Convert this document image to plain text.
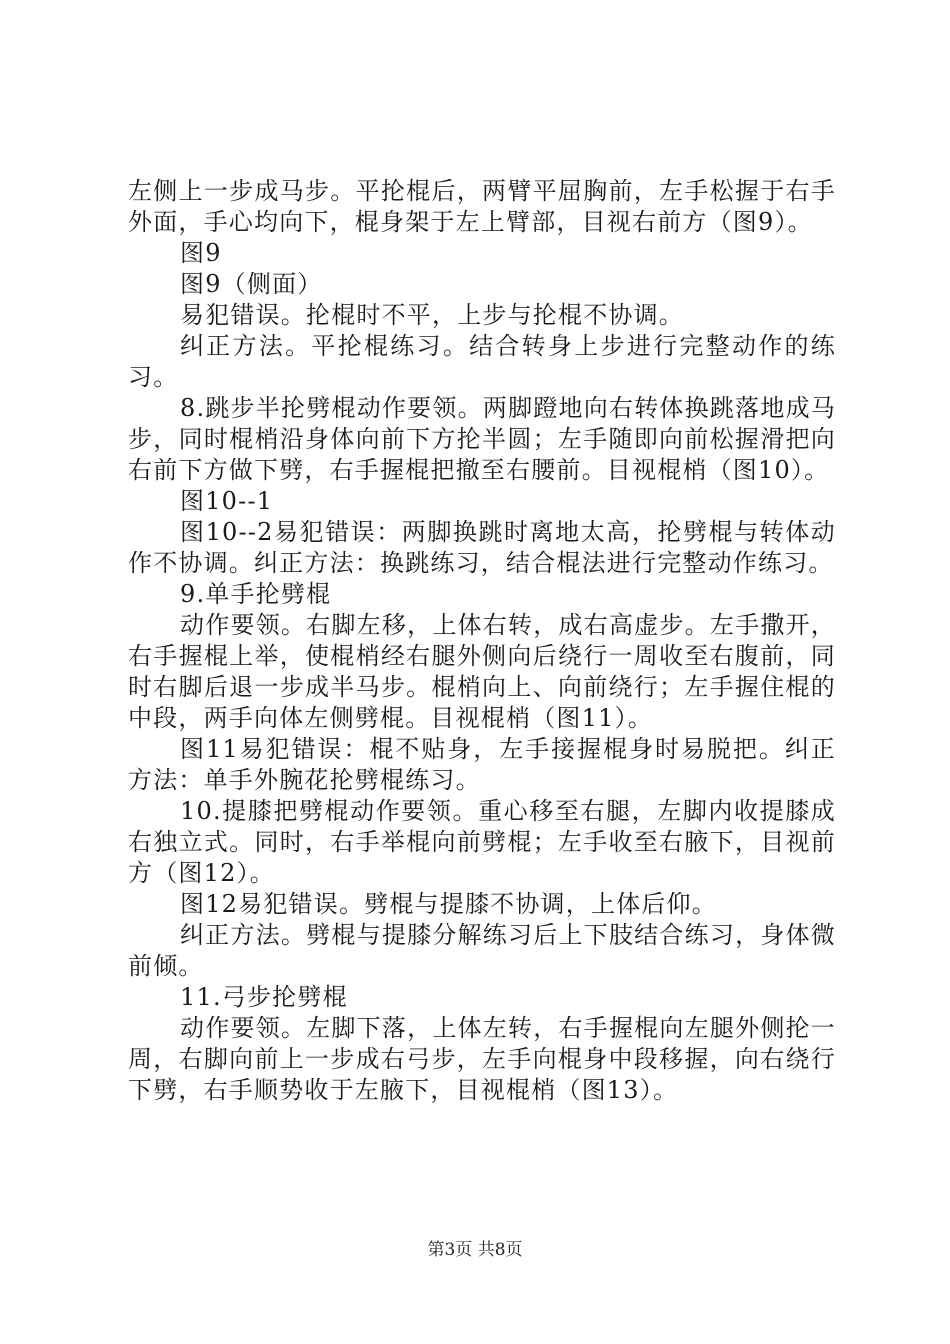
左侧上一步成马步。平抡棍后，两臂平屈胸前，左手松握于右手外面，手心均向下，棍身架于左上臂部，目视右前方（图9）。

图9

图9（侧面）

易犯错误。抡棍时不平，上步与抡棍不协调。

纠正方法。平抡棍练习。结合转身上步进行完整动作的练习。

8.跳步半抡劈棍动作要领。两脚蹬地向右转体换跳落地成马步，同时棍梢沿身体向前下方抡半圆；左手随即向前松握滑把向右前下方做下劈，右手握棍把撤至右腰前。目视棍梢（图10）。

图10--1

图10--2易犯错误：两脚换跳时离地太高，抡劈棍与转体动作不协调。纠正方法：换跳练习，结合棍法进行完整动作练习。

9.单手抡劈棍

动作要领。右脚左移，上体右转，成右高虚步。左手撒开，右手握棍上举，使棍梢经右腿外侧向后绕行一周收至右腹前，同时右脚后退一步成半马步。棍梢向上、向前绕行；左手握住棍的中段，两手向体左侧劈棍。目视棍梢（图11）。

图11易犯错误：棍不贴身，左手接握棍身时易脱把。纠正方法：单手外腕花抡劈棍练习。

10.提膝把劈棍动作要领。重心移至右腿，左脚内收提膝成右独立式。同时，右手举棍向前劈棍；左手收至右腋下，目视前方（图12）。

图12易犯错误。劈棍与提膝不协调，上体后仰。

纠正方法。劈棍与提膝分解练习后上下肢结合练习，身体微前倾。

11.弓步抡劈棍

动作要领。左脚下落，上体左转，右手握棍向左腿外侧抡一周，右脚向前上一步成右弓步，左手向棍身中段移握，向右绕行下劈，右手顺势收于左腋下，目视棍梢（图13）。

第3页 共8页
